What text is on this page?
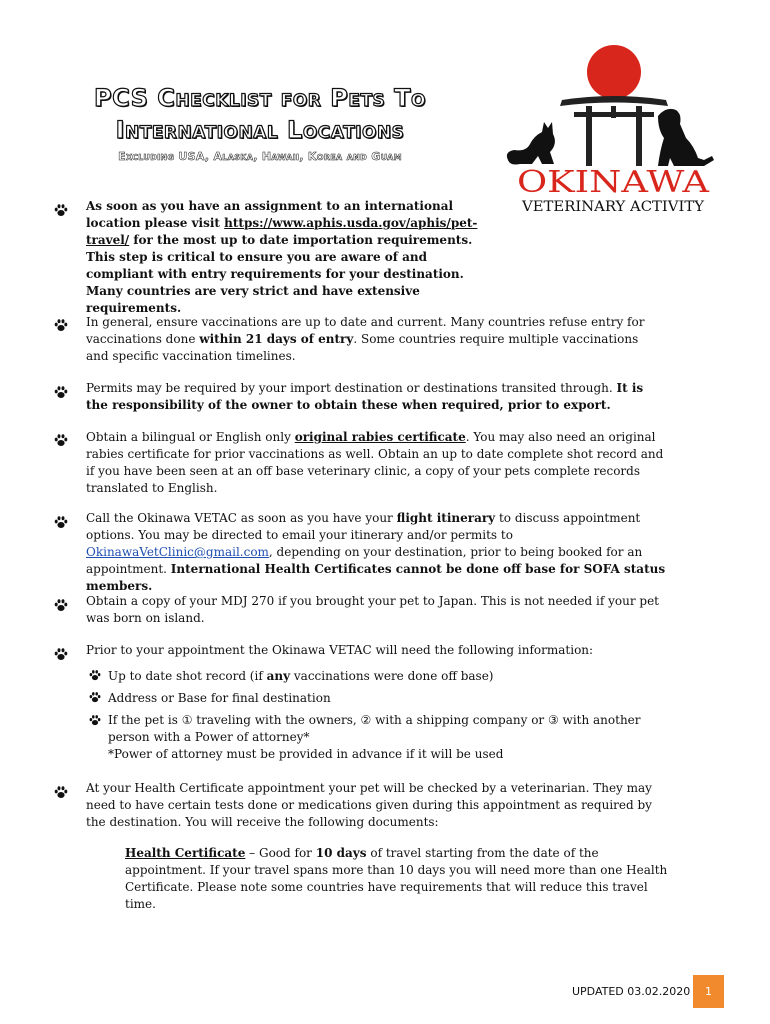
PCS Checklist for Pets To
International Locations
Excluding USA, Alaska, Hawaii, Korea and Guam
OKINAWA
VETERINARY ACTIVITY
As soon as you have an assignment to an international location please visit https://www.aphis.usda.gov/aphis/pet-travel/ for the most up to date importation requirements. This step is critical to ensure you are aware of and compliant with entry requirements for your destination. Many countries are very strict and have extensive requirements.
In general, ensure vaccinations are up to date and current. Many countries refuse entry for vaccinations done within 21 days of entry. Some countries require multiple vaccinations and specific vaccination timelines.
Permits may be required by your import destination or destinations transited through. It is the responsibility of the owner to obtain these when required, prior to export.
Obtain a bilingual or English only original rabies certificate. You may also need an original rabies certificate for prior vaccinations as well. Obtain an up to date complete shot record and if you have been seen at an off base veterinary clinic, a copy of your pets complete records translated to English.
Call the Okinawa VETAC as soon as you have your flight itinerary to discuss appointment options. You may be directed to email your itinerary and/or permits to OkinawaVetClinic@gmail.com, depending on your destination, prior to being booked for an appointment. International Health Certificates cannot be done off base for SOFA status members.
Obtain a copy of your MDJ 270 if you brought your pet to Japan. This is not needed if your pet was born on island.
Prior to your appointment the Okinawa VETAC will need the following information:
Up to date shot record (if any vaccinations were done off base)
Address or Base for final destination
If the pet is ① traveling with the owners, ② with a shipping company or ③ with another person with a Power of attorney*
*Power of attorney must be provided in advance if it will be used
At your Health Certificate appointment your pet will be checked by a veterinarian. They may need to have certain tests done or medications given during this appointment as required by the destination. You will receive the following documents:
Health Certificate – Good for 10 days of travel starting from the date of the appointment. If your travel spans more than 10 days you will need more than one Health Certificate. Please note some countries have requirements that will reduce this travel time.
UPDATED 03.02.2020	1
